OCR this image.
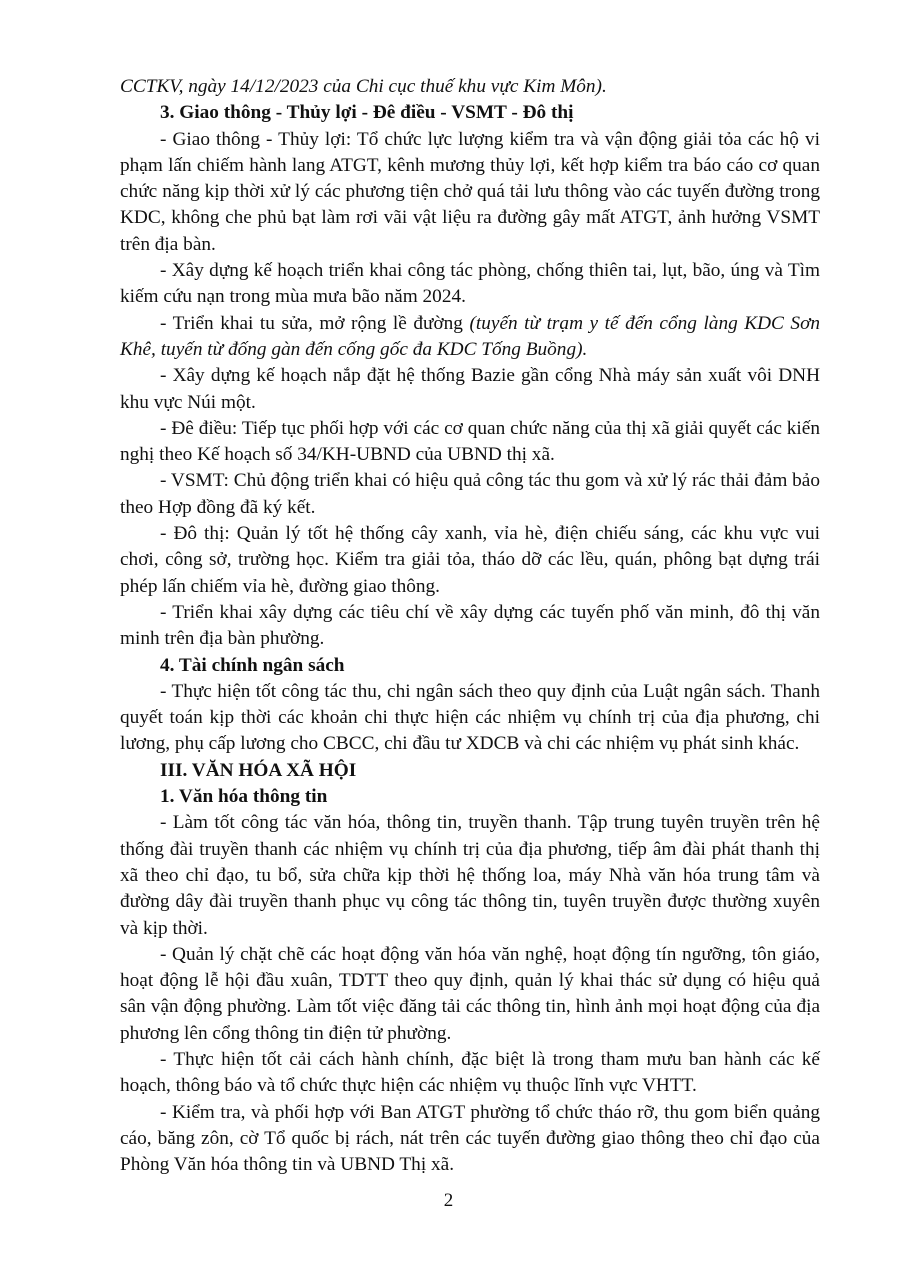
CCTKV, ngày 14/12/2023 của Chi cục thuế khu vực Kim Môn).

3. Giao thông - Thủy lợi - Đê điều - VSMT - Đô thị

- Giao thông - Thủy lợi: Tổ chức lực lượng kiểm tra và vận động giải tỏa các hộ vi phạm lấn chiếm hành lang ATGT, kênh mương thủy lợi, kết hợp kiểm tra báo cáo cơ quan chức năng kịp thời xử lý các phương tiện chở quá tải lưu thông vào các tuyến đường trong KDC, không che phủ bạt làm rơi vãi vật liệu ra đường gây mất ATGT, ảnh hưởng VSMT trên địa bàn.

- Xây dựng kế hoạch triển khai công tác phòng, chống thiên tai, lụt, bão, úng và Tìm kiếm cứu nạn trong mùa mưa bão năm 2024.

- Triển khai tu sửa, mở rộng lề đường (tuyến từ trạm y tế đến cổng làng KDC Sơn Khê, tuyến từ đống gàn đến cống gốc đa KDC Tống Buồng).

- Xây dựng kế hoạch nắp đặt hệ thống Bazie gần cổng Nhà máy sản xuất vôi DNH khu vực Núi một.

- Đê điều: Tiếp tục phối hợp với các cơ quan chức năng của thị xã giải quyết các kiến nghị theo Kế hoạch số 34/KH-UBND của UBND thị xã.

- VSMT: Chủ động triển khai có hiệu quả công tác thu gom và xử lý rác thải đảm bảo theo Hợp đồng đã ký kết.

- Đô thị: Quản lý tốt hệ thống cây xanh, vỉa hè, điện chiếu sáng, các khu vực vui chơi, công sở, trường học. Kiểm tra giải tỏa, tháo dỡ các lều, quán, phông bạt dựng trái phép lấn chiếm vỉa hè, đường giao thông.

- Triển khai xây dựng các tiêu chí về xây dựng các tuyến phố văn minh, đô thị văn minh trên địa bàn phường.

4. Tài chính ngân sách

- Thực hiện tốt công tác thu, chi ngân sách theo quy định của Luật ngân sách. Thanh quyết toán kịp thời các khoản chi thực hiện các nhiệm vụ chính trị của địa phương, chi lương, phụ cấp lương cho CBCC, chi đầu tư XDCB và chi các nhiệm vụ phát sinh khác.

III. VĂN HÓA XÃ HỘI

1. Văn hóa thông tin

- Làm tốt công tác văn hóa, thông tin, truyền thanh. Tập trung tuyên truyền trên hệ thống đài truyền thanh các nhiệm vụ chính trị của địa phương, tiếp âm đài phát thanh thị xã theo chỉ đạo, tu bổ, sửa chữa kịp thời hệ thống loa, máy Nhà văn hóa trung tâm và đường dây đài truyền thanh phục vụ công tác thông tin, tuyên truyền được thường xuyên và kịp thời.

- Quản lý chặt chẽ các hoạt động văn hóa văn nghệ, hoạt động tín ngưỡng, tôn giáo, hoạt động lễ hội đầu xuân, TDTT theo quy định, quản lý khai thác sử dụng có hiệu quả sân vận động phường. Làm tốt việc đăng tải các thông tin, hình ảnh mọi hoạt động của địa phương lên cổng thông tin điện tử phường.

- Thực hiện tốt cải cách hành chính, đặc biệt là trong tham mưu ban hành các kế hoạch, thông báo và tổ chức thực hiện các nhiệm vụ thuộc lĩnh vực VHTT.

- Kiểm tra, và phối hợp với Ban ATGT phường tổ chức tháo rỡ, thu gom biển quảng cáo, băng zôn, cờ Tổ quốc bị rách, nát trên các tuyến đường giao thông theo chỉ đạo của Phòng Văn hóa thông tin và UBND Thị xã.

2
